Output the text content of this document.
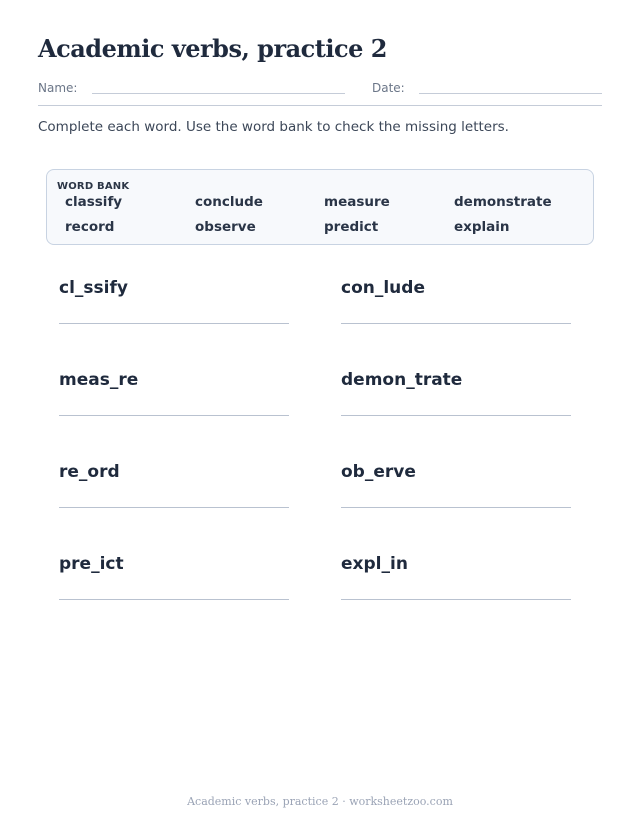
Academic verbs, practice 2
Name:	Date:
Complete each word. Use the word bank to check the missing letters.
WORD BANK
classify	conclude	measure	demonstrate
record	observe	predict	explain
cl_ssify	con_lude
meas_re	demon_trate
re_ord	ob_erve
pre_ict	expl_in
Academic verbs, practice 2 · worksheetzoo.com
